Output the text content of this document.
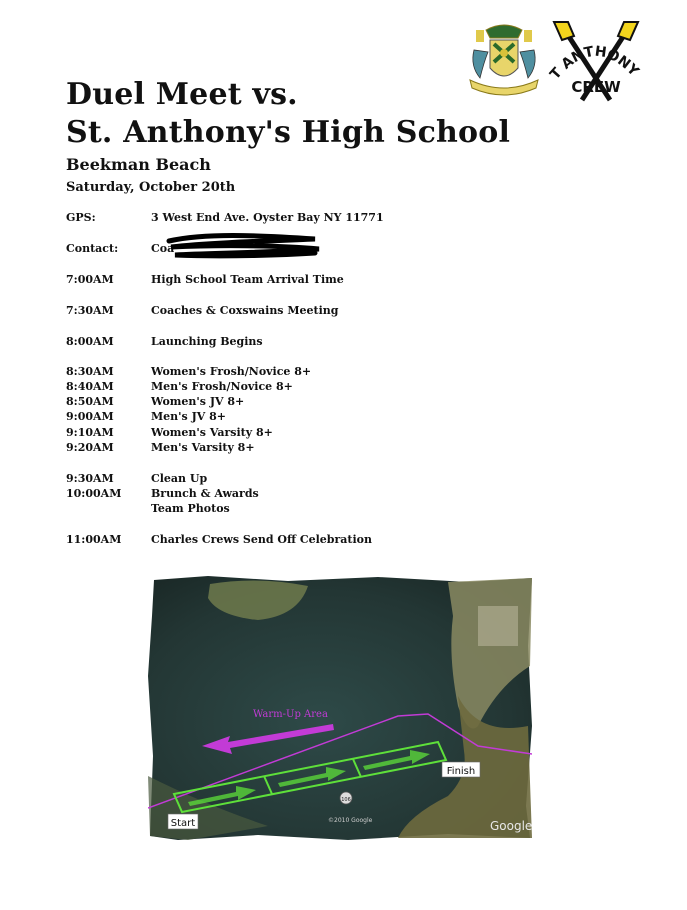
Duel Meet vs.
St. Anthony's High School
Beekman Beach
Saturday, October 20th
T ANTHONY
CREW
GPS:	3 West End Ave. Oyster Bay NY 11771
Contact:	Coa
7:00AM	High School Team Arrival Time
7:30AM	Coaches & Coxswains Meeting
8:00AM	Launching Begins
8:30AM	Women's Frosh/Novice 8+
8:40AM	Men's Frosh/Novice 8+
8:50AM	Women's JV 8+
9:00AM	Men's JV 8+
9:10AM	Women's Varsity 8+
9:20AM	Men's Varsity 8+
9:30AM	Clean Up
10:00AM	Brunch & Awards
Team Photos
11:00AM	Charles Crews Send Off Celebration
Warm-Up Area
106
Finish
Start	©2010 Google	Google
